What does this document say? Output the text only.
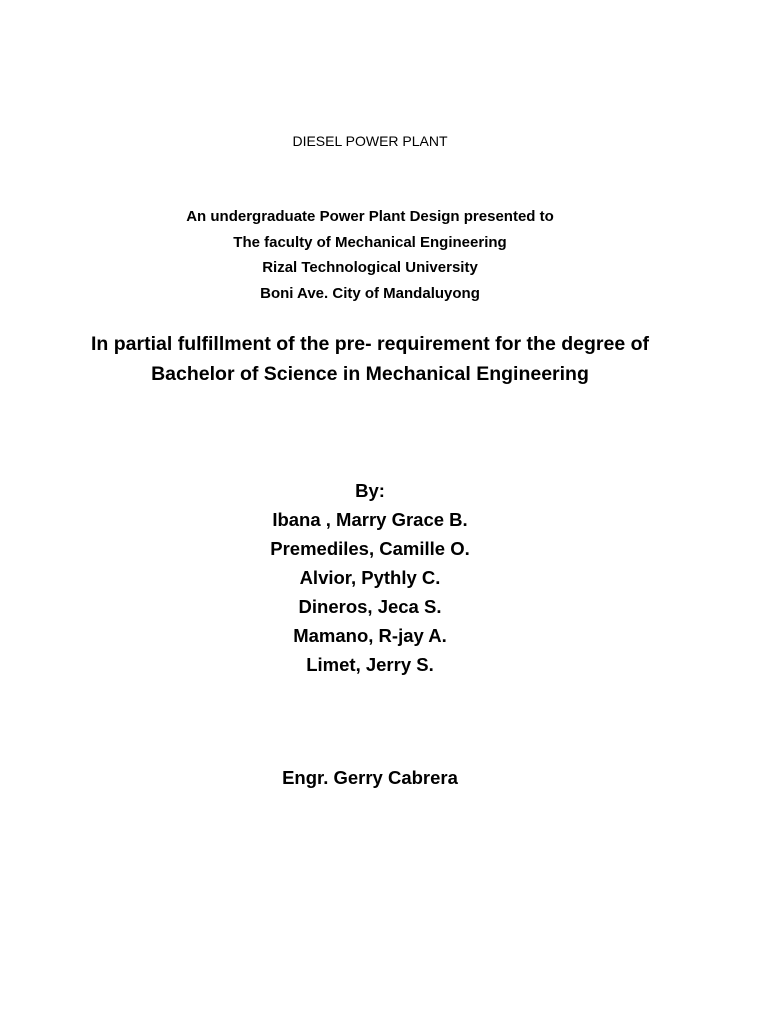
DIESEL POWER PLANT
An undergraduate Power Plant Design presented to
The faculty of Mechanical Engineering
Rizal Technological University
Boni Ave. City of Mandaluyong
In partial fulfillment of the pre- requirement for the degree of
Bachelor of Science in Mechanical Engineering
By:
Ibana , Marry Grace B.
Premediles, Camille O.
Alvior, Pythly C.
Dineros, Jeca S.
Mamano, R-jay A.
Limet, Jerry S.
Engr. Gerry Cabrera
